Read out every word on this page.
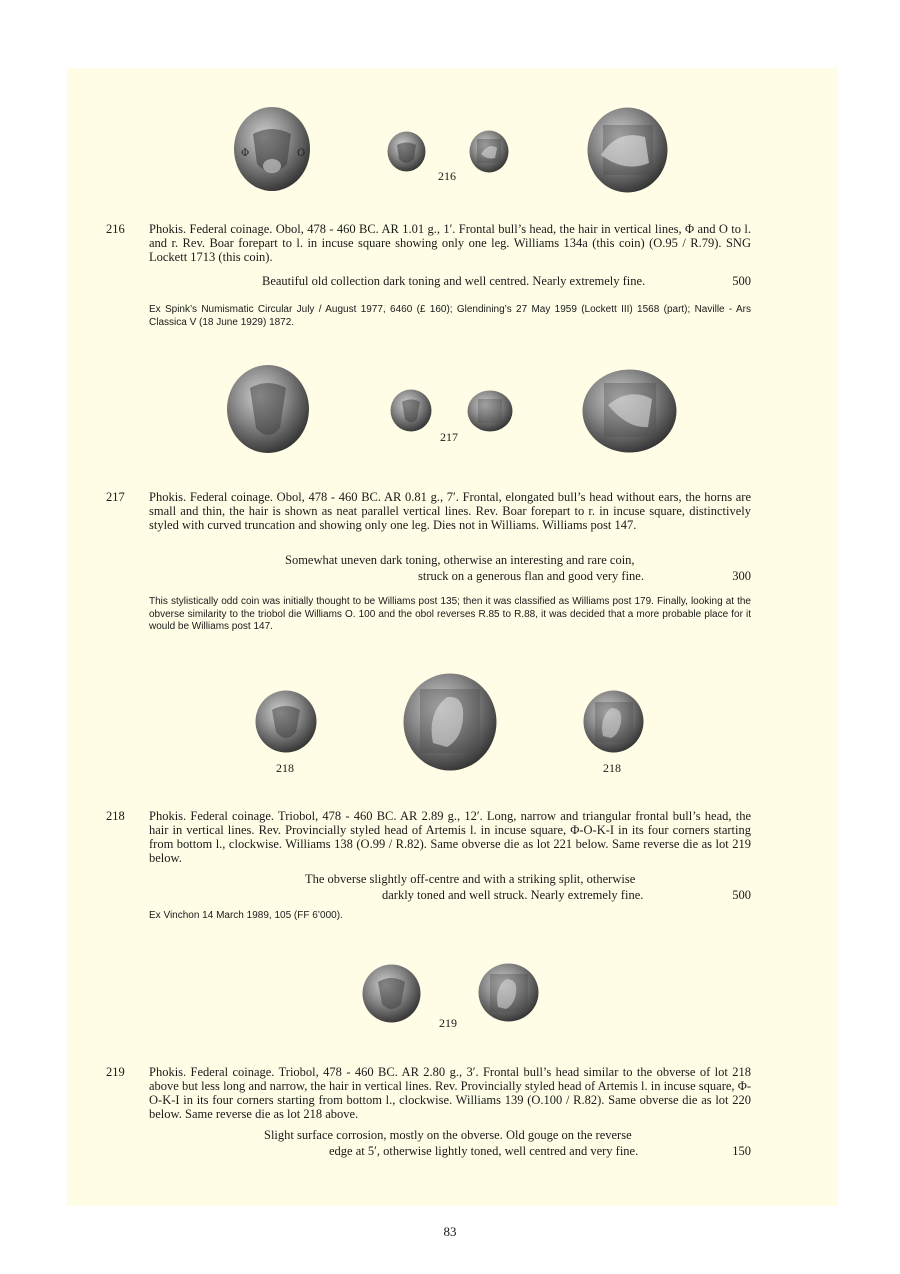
Φ	O
216
216 Phokis. Federal coinage. Obol, 478 - 460 BC. AR 1.01 g., 1′. Frontal bull’s head, the hair in vertical lines, Φ and O to l. and r. Rev. Boar forepart to l. in incuse square showing only one leg. Williams 134a (this coin) (O.95 / R.79). SNG Lockett 1713 (this coin).
Beautiful old collection dark toning and well centred. Nearly extremely fine.	500
Ex Spink’s Numismatic Circular July / August 1977, 6460 (£ 160); Glendining’s 27 May 1959 (Lockett III) 1568 (part); Naville - Ars Classica V (18 June 1929) 1872.
217
217 Phokis. Federal coinage. Obol, 478 - 460 BC. AR 0.81 g., 7′. Frontal, elongated bull’s head without ears, the horns are small and thin, the hair is shown as neat parallel vertical lines. Rev. Boar forepart to r. in incuse square, distinctively styled with curved truncation and showing only one leg. Dies not in Williams. Williams post 147.
Somewhat uneven dark toning, otherwise an interesting and rare coin,
struck on a generous flan and good very fine.	300
This stylistically odd coin was initially thought to be Williams post 135; then it was classified as Williams post 179. Finally, looking at the obverse similarity to the triobol die Williams O. 100 and the obol reverses R.85 to R.88, it was decided that a more probable place for it would be Williams post 147.
218	218
218 Phokis. Federal coinage. Triobol, 478 - 460 BC. AR 2.89 g., 12′. Long, narrow and triangular frontal bull’s head, the hair in vertical lines. Rev. Provincially styled head of Artemis l. in incuse square, Φ-O-K-I in its four corners starting from bottom l., clockwise. Williams 138 (O.99 / R.82). Same obverse die as lot 221 below. Same reverse die as lot 219 below.
The obverse slightly off-centre and with a striking split, otherwise
darkly toned and well struck. Nearly extremely fine.	500
Ex Vinchon 14 March 1989, 105 (FF 6’000).
219
219 Phokis. Federal coinage. Triobol, 478 - 460 BC. AR 2.80 g., 3′. Frontal bull’s head similar to the obverse of lot 218 above but less long and narrow, the hair in vertical lines. Rev. Provincially styled head of Artemis l. in incuse square, Φ-O-K-I in its four corners starting from bottom l., clockwise. Williams 139 (O.100 / R.82). Same obverse die as lot 220 below. Same reverse die as lot 218 above.
Slight surface corrosion, mostly on the obverse. Old gouge on the reverse
edge at 5′, otherwise lightly toned, well centred and very fine.	150
83
